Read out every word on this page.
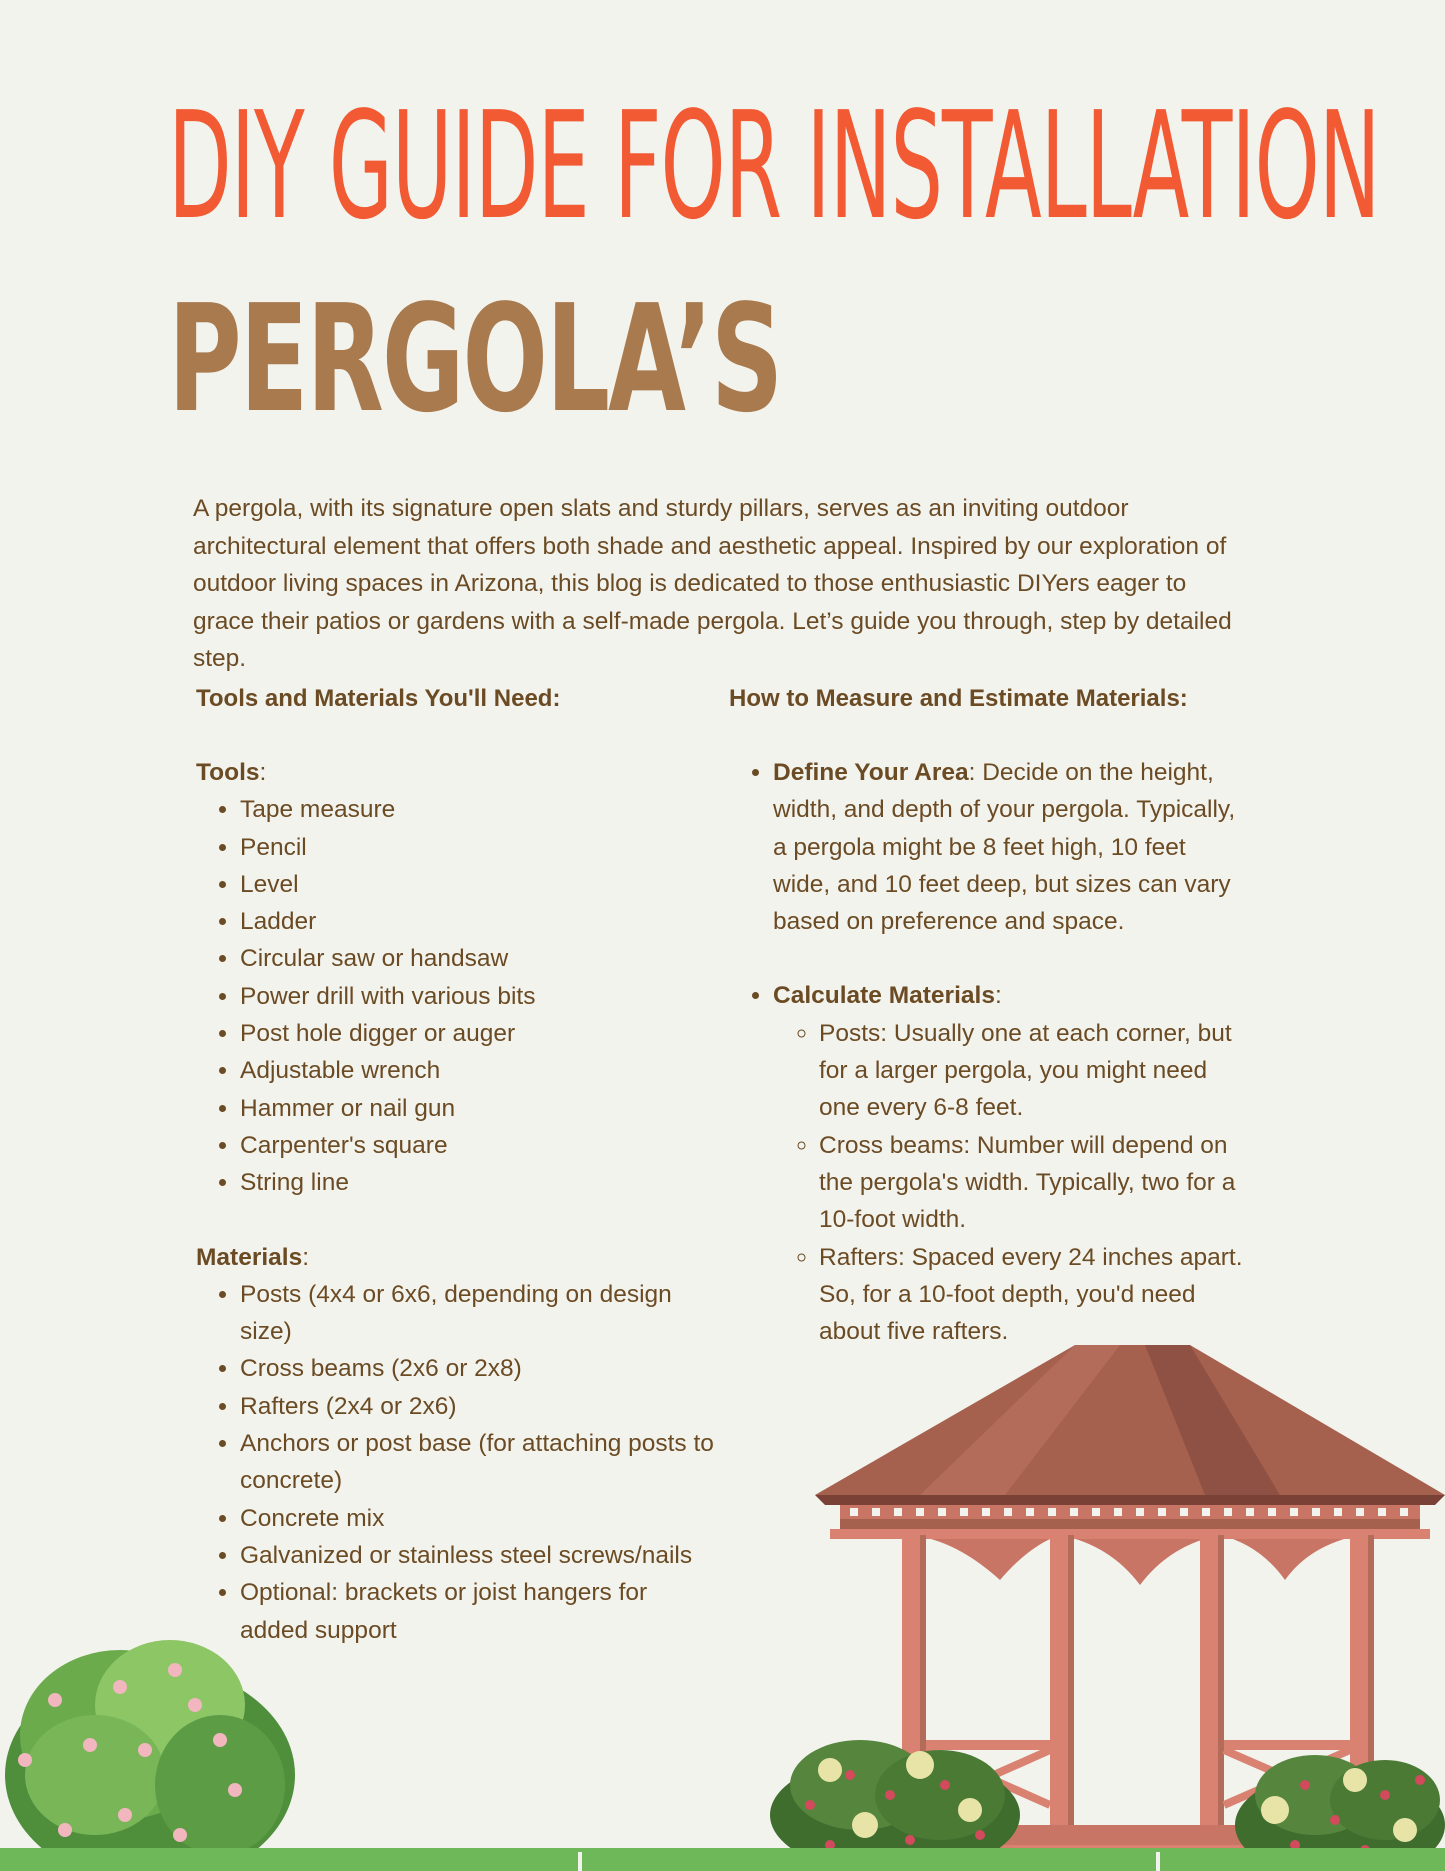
DIY GUIDE FOR INSTALLATION
PERGOLA’S

A pergola, with its signature open slats and sturdy pillars, serves as an inviting outdoor architectural element that offers both shade and aesthetic appeal. Inspired by our exploration of outdoor living spaces in Arizona, this blog is dedicated to those enthusiastic DIYers eager to grace their patios or gardens with a self-made pergola. Let’s guide you through, step by detailed step.

Tools and Materials You'll Need:

Tools:

• Tape measure
• Pencil
• Level
• Ladder
• Circular saw or handsaw
• Power drill with various bits
• Post hole digger or auger
• Adjustable wrench
• Hammer or nail gun
• Carpenter's square
• String line

Materials:

• Posts (4x4 or 6x6, depending on design size)
• Cross beams (2x6 or 2x8)
• Rafters (2x4 or 2x6)
• Anchors or post base (for attaching posts to concrete)
• Concrete mix
• Galvanized or stainless steel screws/nails
• Optional: brackets or joist hangers for added support
How to Measure and Estimate Materials:
• Define Your Area: Decide on the height, width, and depth of your pergola. Typically, a pergola might be 8 feet high, 10 feet wide, and 10 feet deep, but sizes can vary based on preference and space.
• Calculate Materials:
◦ Posts: Usually one at each corner, but for a larger pergola, you might need one every 6-8 feet.
◦ Cross beams: Number will depend on the pergola's width. Typically, two for a 10-foot width.
◦ Rafters: Spaced every 24 inches apart. So, for a 10-foot depth, you'd need about five rafters.
